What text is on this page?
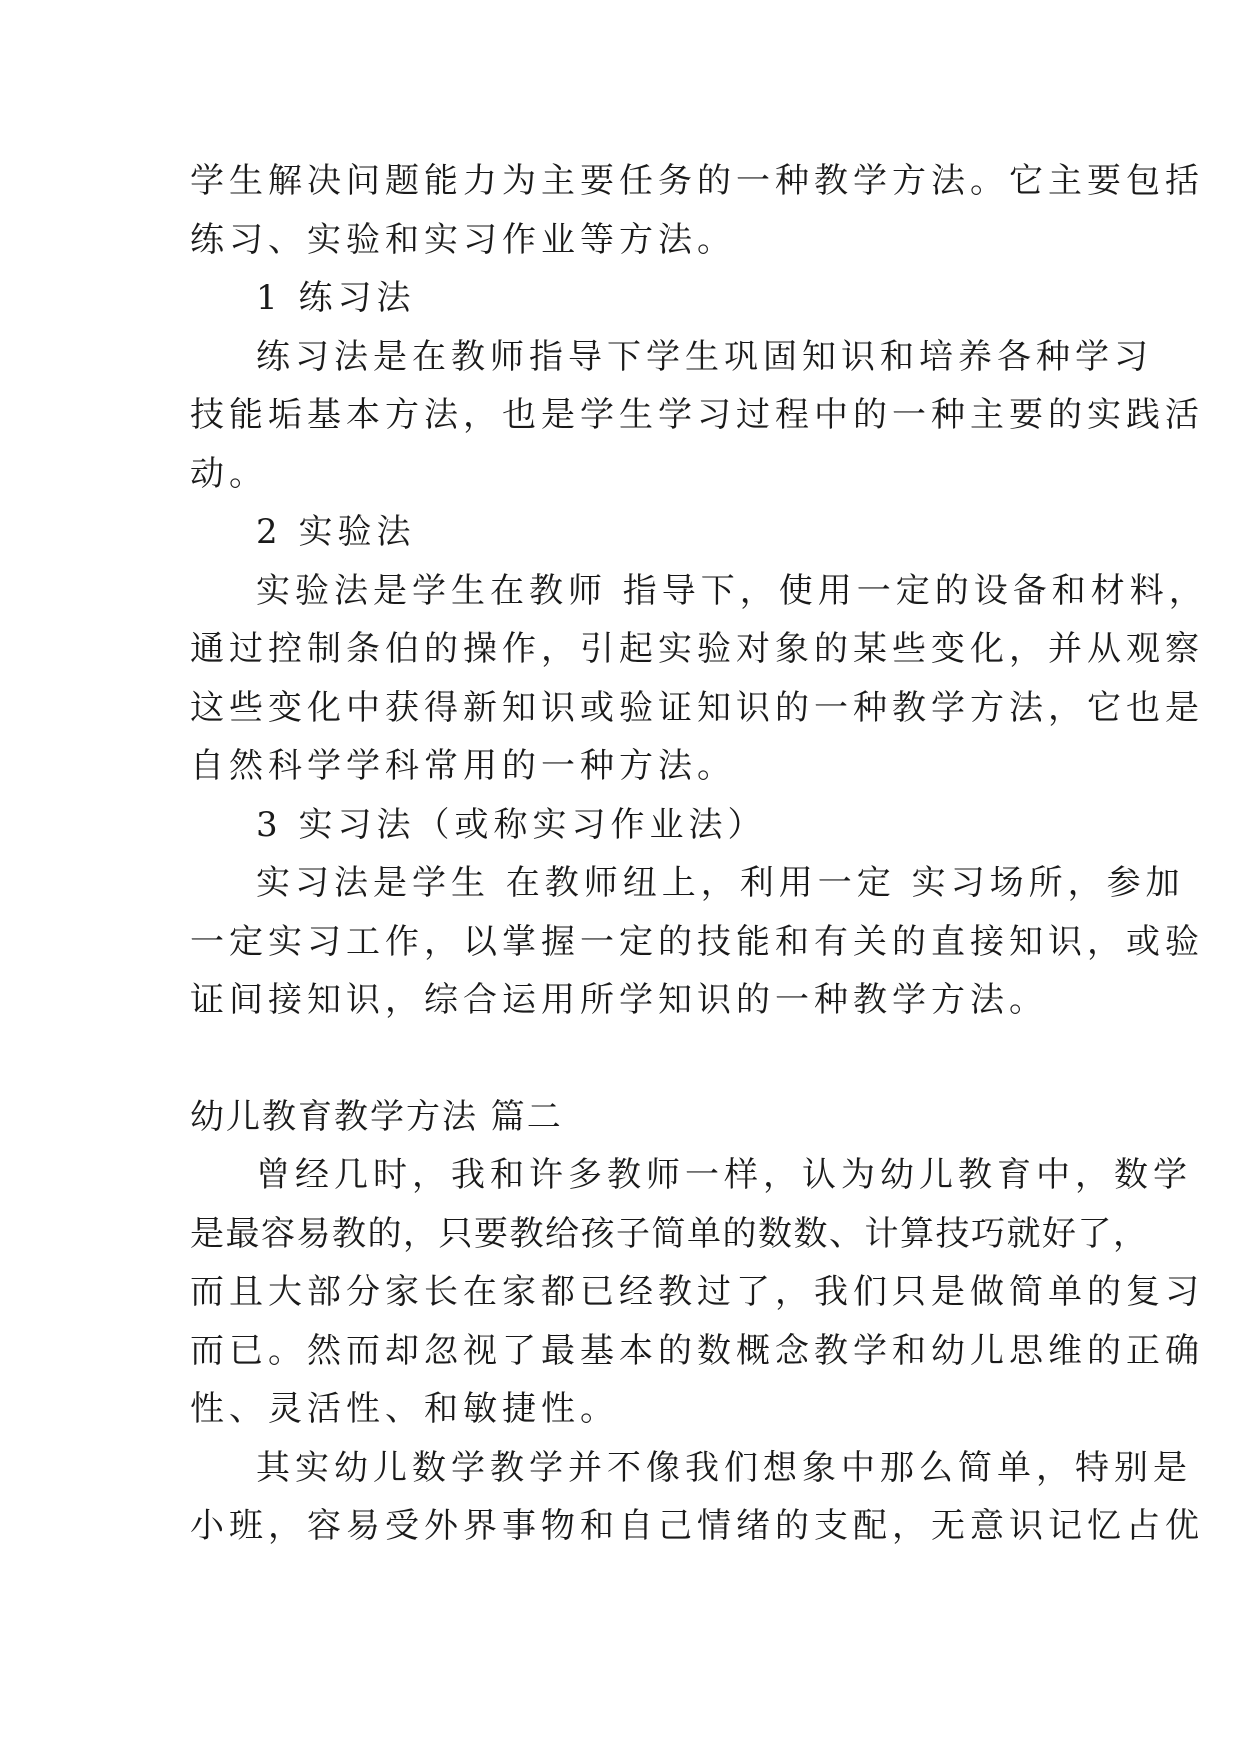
学生解决问题能力为主要任务的一种教学方法。它主要包括
练习、实验和实习作业等方法。
1 练习法
练习法是在教师指导下学生巩固知识和培养各种学习
技能垢基本方法，也是学生学习过程中的一种主要的实践活
动。
2 实验法
实验法是学生在教师 指导下，使用一定的设备和材料，
通过控制条伯的操作，引起实验对象的某些变化，并从观察
这些变化中获得新知识或验证知识的一种教学方法，它也是
自然科学学科常用的一种方法。
3 实习法（或称实习作业法）
实习法是学生 在教师纽上，利用一定 实习场所，参加
一定实习工作，以掌握一定的技能和有关的直接知识，或验
证间接知识，综合运用所学知识的一种教学方法。
幼儿教育教学方法 篇二
曾经几时，我和许多教师一样，认为幼儿教育中，数学
是最容易教的，只要教给孩子简单的数数、计算技巧就好了，
而且大部分家长在家都已经教过了，我们只是做简单的复习
而已。然而却忽视了最基本的数概念教学和幼儿思维的正确
性、灵活性、和敏捷性。
其实幼儿数学教学并不像我们想象中那么简单，特别是
小班，容易受外界事物和自己情绪的支配，无意识记忆占优
